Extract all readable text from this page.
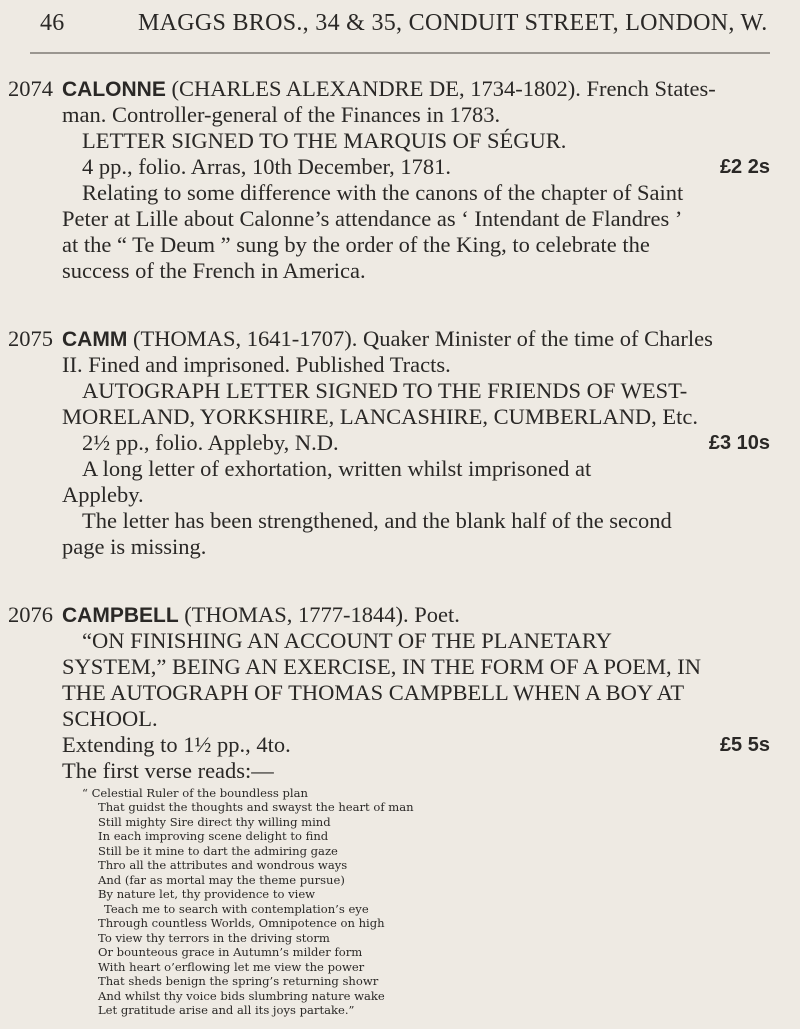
46	MAGGS BROS., 34 & 35, CONDUIT STREET, LONDON, W.
2074 CALONNE (CHARLES ALEXANDRE DE, 1734-1802). French States-
man. Controller-general of the Finances in 1783.
LETTER SIGNED TO THE MARQUIS OF SÉGUR.
4 pp., folio. Arras, 10th December, 1781.	£2 2s
Relating to some difference with the canons of the chapter of Saint
Peter at Lille about Calonne’s attendance as ‘ Intendant de Flandres ’
at the “ Te Deum ” sung by the order of the King, to celebrate the
success of the French in America.
2075 CAMM (THOMAS, 1641-1707). Quaker Minister of the time of Charles
II. Fined and imprisoned. Published Tracts.
AUTOGRAPH LETTER SIGNED TO THE FRIENDS OF WEST-
MORELAND, YORKSHIRE, LANCASHIRE, CUMBERLAND, Etc.
2½ pp., folio. Appleby, N.D.	£3 10s
A long letter of exhortation, written whilst imprisoned at
Appleby.
The letter has been strengthened, and the blank half of the second
page is missing.
2076 CAMPBELL (THOMAS, 1777-1844). Poet.
“ON FINISHING AN ACCOUNT OF THE PLANETARY
SYSTEM,” BEING AN EXERCISE, IN THE FORM OF A POEM, IN
THE AUTOGRAPH OF THOMAS CAMPBELL WHEN A BOY AT
SCHOOL.
Extending to 1½ pp., 4to.	£5 5s
The first verse reads:—
“ Celestial Ruler of the boundless plan
That guidst the thoughts and swayst the heart of man
Still mighty Sire direct thy willing mind
In each improving scene delight to find
Still be it mine to dart the admiring gaze
Thro all the attributes and wondrous ways
And (far as mortal may the theme pursue)
By nature let, thy providence to view
Teach me to search with contemplation’s eye
Through countless Worlds, Omnipotence on high
To view thy terrors in the driving storm
Or bounteous grace in Autumn’s milder form
With heart o’erflowing let me view the power
That sheds benign the spring’s returning showr
And whilst thy voice bids slumbring nature wake
Let gratitude arise and all its joys partake.”
